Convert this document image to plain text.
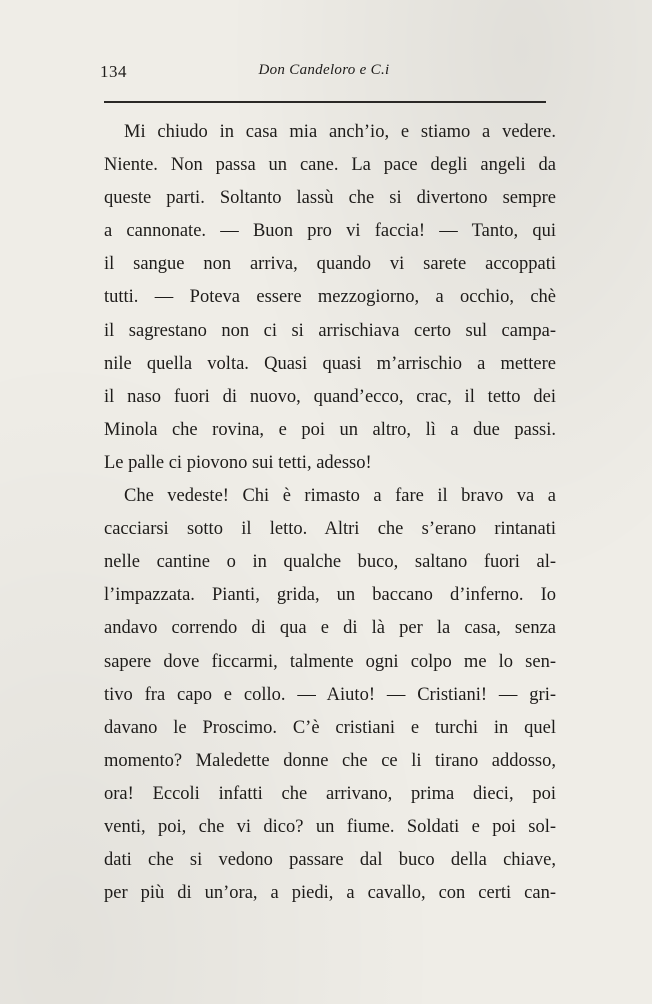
134	Don Candeloro e C.i
Mi chiudo in casa mia anch’io, e stiamo a vedere.
Niente. Non passa un cane. La pace degli angeli da
queste parti. Soltanto lassù che si divertono sempre
a cannonate. — Buon pro vi faccia! — Tanto, qui
il sangue non arriva, quando vi sarete accoppati
tutti. — Poteva essere mezzogiorno, a occhio, chè
il sagrestano non ci si arrischiava certo sul campa-
nile quella volta. Quasi quasi m’arrischio a mettere
il naso fuori di nuovo, quand’ecco, crac, il tetto dei
Minola che rovina, e poi un altro, lì a due passi.
Le palle ci piovono sui tetti, adesso!
Che vedeste! Chi è rimasto a fare il bravo va a
cacciarsi sotto il letto. Altri che s’erano rintanati
nelle cantine o in qualche buco, saltano fuori al-
l’impazzata. Pianti, grida, un baccano d’inferno. Io
andavo correndo di qua e di là per la casa, senza
sapere dove ficcarmi, talmente ogni colpo me lo sen-
tivo fra capo e collo. — Aiuto! — Cristiani! — gri-
davano le Proscimo. C’è cristiani e turchi in quel
momento? Maledette donne che ce li tirano addosso,
ora! Eccoli infatti che arrivano, prima dieci, poi
venti, poi, che vi dico? un fiume. Soldati e poi sol-
dati che si vedono passare dal buco della chiave,
per più di un’ora, a piedi, a cavallo, con certi can-
